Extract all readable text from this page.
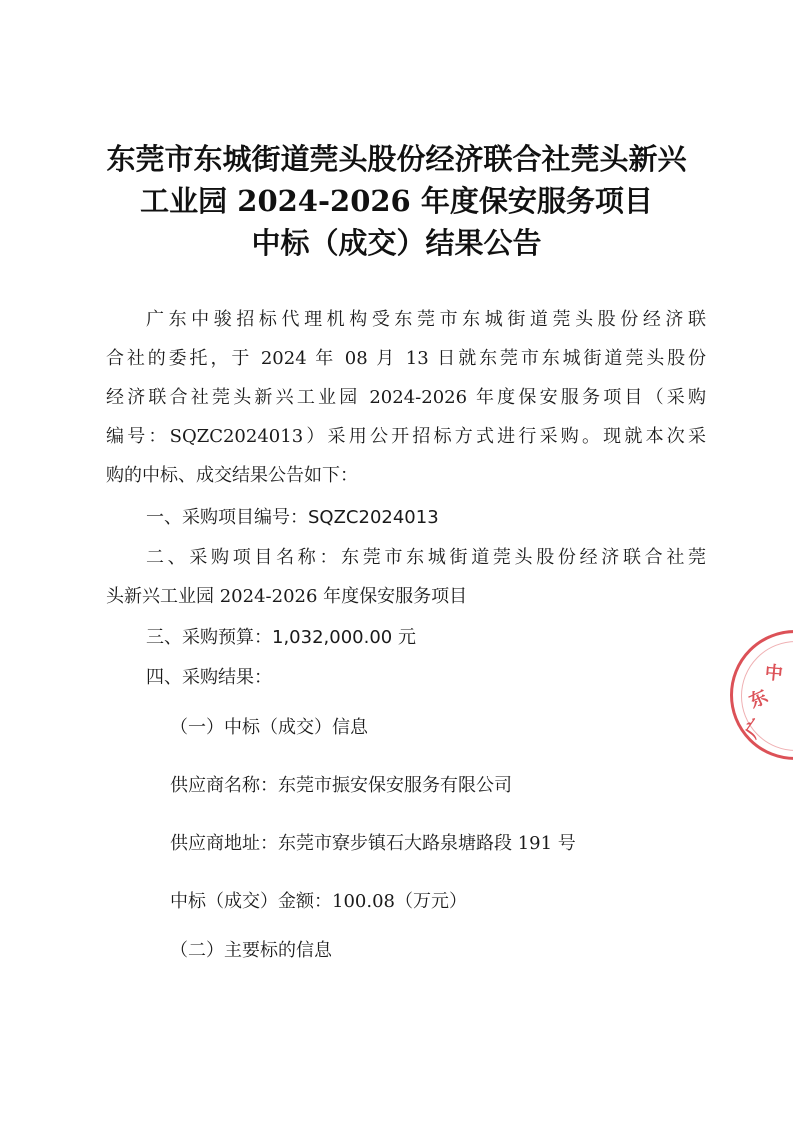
东莞市东城街道莞头股份经济联合社莞头新兴
工业园 2024-2026 年度保安服务项目
中标（成交）结果公告
广东中骏招标代理机构受东莞市东城街道莞头股份经济联
合社的委托，于 2024 年 08 月 13 日就东莞市东城街道莞头股份
经济联合社莞头新兴工业园 2024-2026 年度保安服务项目（采购
编号：SQZC2024013）采用公开招标方式进行采购。现就本次采
购的中标、成交结果公告如下：
一、采购项目编号：SQZC2024013
二、采购项目名称：东莞市东城街道莞头股份经济联合社莞
头新兴工业园 2024-2026 年度保安服务项目
三、采购预算：1,032,000.00 元
四、采购结果：
（一）中标（成交）信息
供应商名称：东莞市振安保安服务有限公司
供应商地址：东莞市寮步镇石大路泉塘路段 191 号
中标（成交）金额：100.08（万元）
（二）主要标的信息
广
东
中
